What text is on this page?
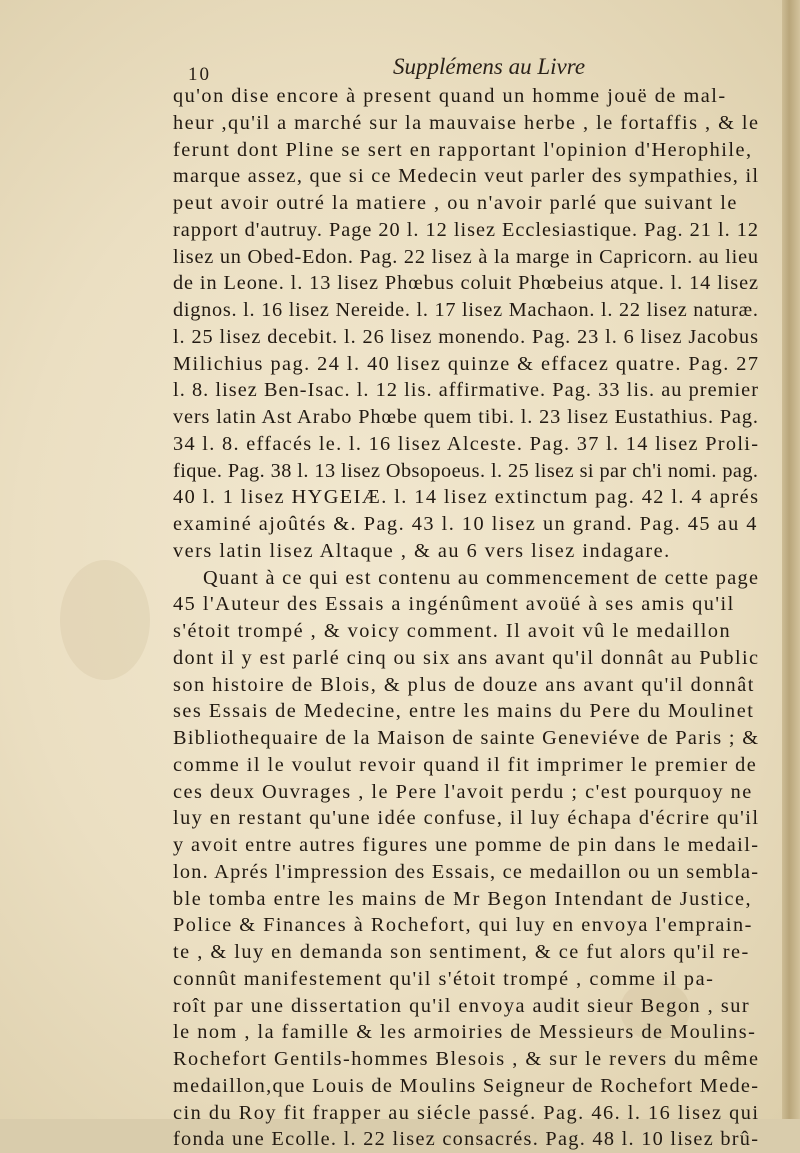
10	Supplémens au Livre
qu'on dise encore à present quand un homme jouë de mal-
heur ,qu'il a marché sur la mauvaise herbe , le fortaffis , & le
ferunt dont Pline se sert en rapportant l'opinion d'Herophile,
marque assez, que si ce Medecin veut parler des sympathies, il
peut avoir outré la matiere , ou n'avoir parlé que suivant le
rapport d'autruy. Page 20 l. 12 lisez Ecclesiastique. Pag. 21 l. 12
lisez un Obed-Edon. Pag. 22 lisez à la marge in Capricorn. au lieu
de in Leone. l. 13 lisez Phœbus coluit Phœbeius atque. l. 14 lisez
dignos. l. 16 lisez Nereide. l. 17 lisez Machaon. l. 22 lisez naturæ.
l. 25 lisez decebit. l. 26 lisez monendo. Pag. 23 l. 6 lisez Jacobus
Milichius pag. 24 l. 40 lisez quinze & effacez quatre. Pag. 27
l. 8. lisez Ben-Isac. l. 12 lis. affirmative. Pag. 33 lis. au premier
vers latin Ast Arabo Phœbe quem tibi. l. 23 lisez Eustathius. Pag.
34 l. 8. effacés le. l. 16 lisez Alceste. Pag. 37 l. 14 lisez Proli-
fique. Pag. 38 l. 13 lisez Obsopoeus. l. 25 lisez si par ch'i nomi. pag.
40 l. 1 lisez HYGEIÆ. l. 14 lisez extinctum pag. 42 l. 4 aprés
examiné ajoûtés &. Pag. 43 l. 10 lisez un grand. Pag. 45 au 4
vers latin lisez Altaque , & au 6 vers lisez indagare.
Quant à ce qui est contenu au commencement de cette page
45 l'Auteur des Essais a ingénûment avoüé à ses amis qu'il
s'étoit trompé , & voicy comment. Il avoit vû le medaillon
dont il y est parlé cinq ou six ans avant qu'il donnât au Public
son histoire de Blois, & plus de douze ans avant qu'il donnât
ses Essais de Medecine, entre les mains du Pere du Moulinet
Bibliothequaire de la Maison de sainte Geneviéve de Paris ; &
comme il le voulut revoir quand il fit imprimer le premier de
ces deux Ouvrages , le Pere l'avoit perdu ; c'est pourquoy ne
luy en restant qu'une idée confuse, il luy échapa d'écrire qu'il
y avoit entre autres figures une pomme de pin dans le medail-
lon. Aprés l'impression des Essais, ce medaillon ou un sembla-
ble tomba entre les mains de Mr Begon Intendant de Justice,
Police & Finances à Rochefort, qui luy en envoya l'emprain-
te , & luy en demanda son sentiment, & ce fut alors qu'il re-
connût manifestement qu'il s'étoit trompé , comme il pa-
roît par une dissertation qu'il envoya audit sieur Begon , sur
le nom , la famille & les armoiries de Messieurs de Moulins-
Rochefort Gentils-hommes Blesois , & sur le revers du même
medaillon,que Louis de Moulins Seigneur de Rochefort Mede-
cin du Roy fit frapper au siécle passé. Pag. 46. l. 16 lisez qui
fonda une Ecolle. l. 22 lisez consacrés. Pag. 48 l. 10 lisez brû-
